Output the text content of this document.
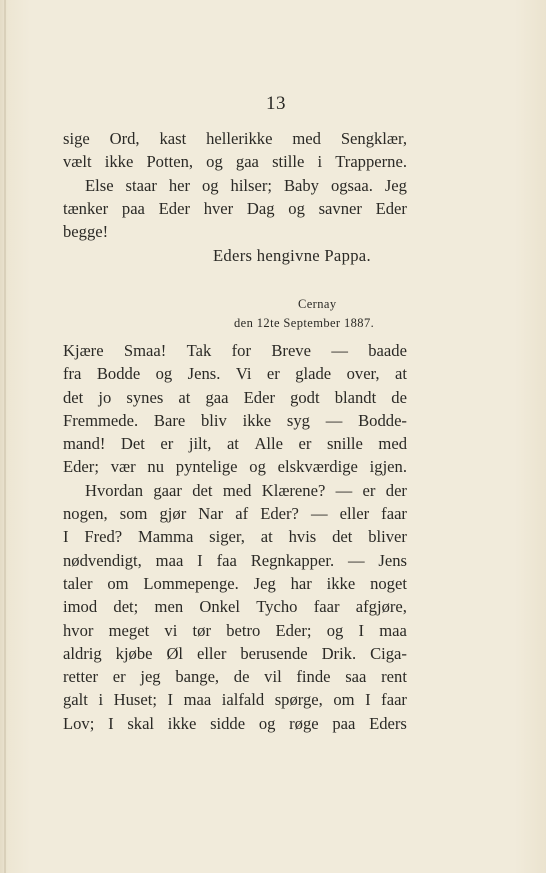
13
sige Ord, kast hellerikke med Sengklær,
vælt ikke Potten, og gaa stille i Trapperne.
Else staar her og hilser; Baby ogsaa. Jeg
tænker paa Eder hver Dag og savner Eder
begge!
Eders hengivne Pappa.
Cernay
den 12te September 1887.
Kjære Smaa! Tak for Breve — baade
fra Bodde og Jens. Vi er glade over, at
det jo synes at gaa Eder godt blandt de
Fremmede. Bare bliv ikke syg — Bodde-
mand! Det er jilt, at Alle er snille med
Eder; vær nu pyntelige og elskværdige igjen.
Hvordan gaar det med Klærene? — er der
nogen, som gjør Nar af Eder? — eller faar
I Fred? Mamma siger, at hvis det bliver
nødvendigt, maa I faa Regnkapper. — Jens
taler om Lommepenge. Jeg har ikke noget
imod det; men Onkel Tycho faar afgjøre,
hvor meget vi tør betro Eder; og I maa
aldrig kjøbe Øl eller berusende Drik. Ciga-
retter er jeg bange, de vil finde saa rent
galt i Huset; I maa ialfald spørge, om I faar
Lov; I skal ikke sidde og røge paa Eders
